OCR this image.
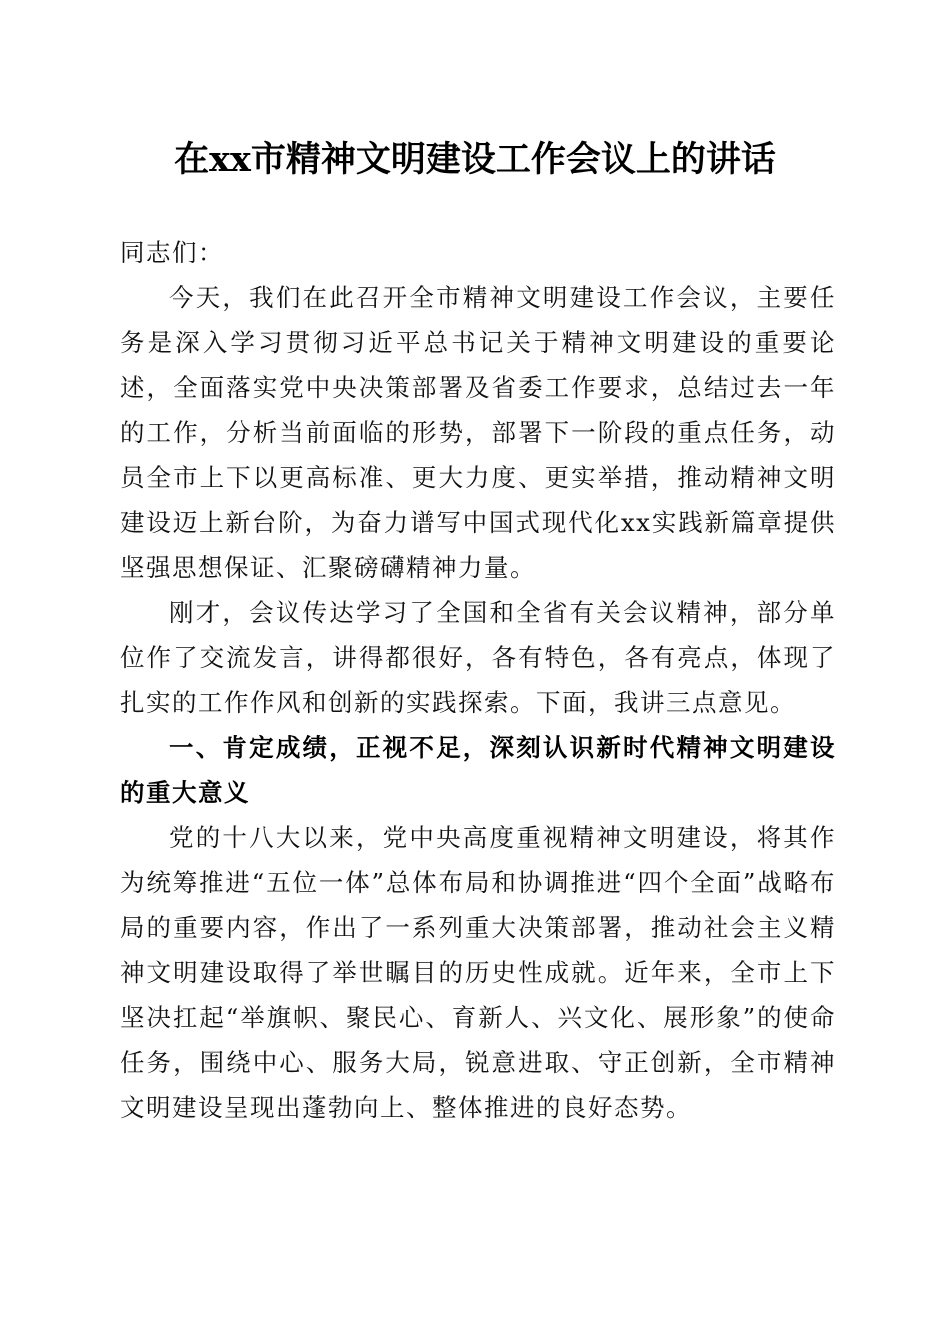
在xx市精神文明建设工作会议上的讲话

同志们：

今天，我们在此召开全市精神文明建设工作会议，主要任务是深入学习贯彻习近平总书记关于精神文明建设的重要论述，全面落实党中央决策部署及省委工作要求，总结过去一年的工作，分析当前面临的形势，部署下一阶段的重点任务，动员全市上下以更高标准、更大力度、更实举措，推动精神文明建设迈上新台阶，为奋力谱写中国式现代化xx实践新篇章提供坚强思想保证、汇聚磅礴精神力量。

刚才，会议传达学习了全国和全省有关会议精神，部分单位作了交流发言，讲得都很好，各有特色，各有亮点，体现了扎实的工作作风和创新的实践探索。下面，我讲三点意见。

一、肯定成绩，正视不足，深刻认识新时代精神文明建设的重大意义

党的十八大以来，党中央高度重视精神文明建设，将其作为统筹推进“五位一体”总体布局和协调推进“四个全面”战略布局的重要内容，作出了一系列重大决策部署，推动社会主义精神文明建设取得了举世瞩目的历史性成就。近年来，全市上下坚决扛起“举旗帜、聚民心、育新人、兴文化、展形象”的使命任务，围绕中心、服务大局，锐意进取、守正创新，全市精神文明建设呈现出蓬勃向上、整体推进的良好态势。
